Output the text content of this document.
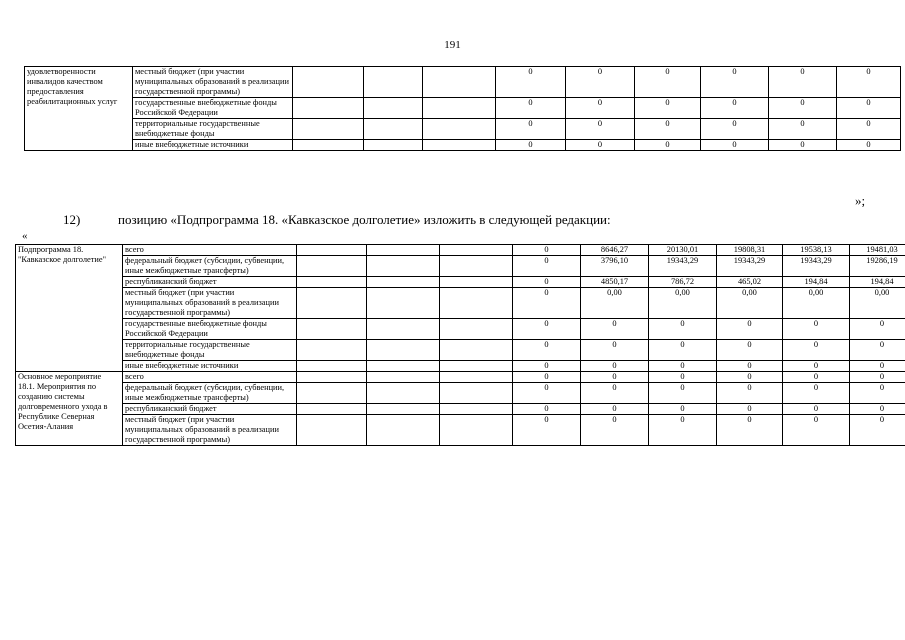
191
удовлетворенности инвалидов качеством предоставления реабилитационных услуг	местный бюджет (при участии муниципальных образований в реализации государственной программы)				0	0	0	0	0	0
	государственные внебюджетные фонды Российской Федерации				0	0	0	0	0	0
	территориальные государственные внебюджетные фонды				0	0	0	0	0	0
	иные внебюджетные источники				0	0	0	0	0	0
»;
12)	позицию «Подпрограмма 18. «Кавказское долголетие» изложить в следующей редакции:
«
Подпрограмма 18. "Кавказское долголетие"	всего				0	8646,27	20130,01	19808,31	19538,13	19481,03
	федеральный бюджет (субсидии, субвенции, иные межбюджетные трансферты)				0	3796,10	19343,29	19343,29	19343,29	19286,19
	республиканский бюджет				0	4850,17	786,72	465,02	194,84	194,84
	местный бюджет (при участии муниципальных образований в реализации государственной программы)				0	0,00	0,00	0,00	0,00	0,00
	государственные внебюджетные фонды Российской Федерации				0	0	0	0	0	0
	территориальные государственные внебюджетные фонды				0	0	0	0	0	0
	иные внебюджетные источники				0	0	0	0	0	0
Основное мероприятие 18.1. Мероприятия по созданию системы долговременного ухода в Республике Северная Осетия-Алания	всего				0	0	0	0	0	0
	федеральный бюджет (субсидии, субвенции, иные межбюджетные трансферты)				0	0	0	0	0	0
	республиканский бюджет				0	0	0	0	0	0
	местный бюджет (при участии муниципальных образований в реализации государственной программы)				0	0	0	0	0	0
